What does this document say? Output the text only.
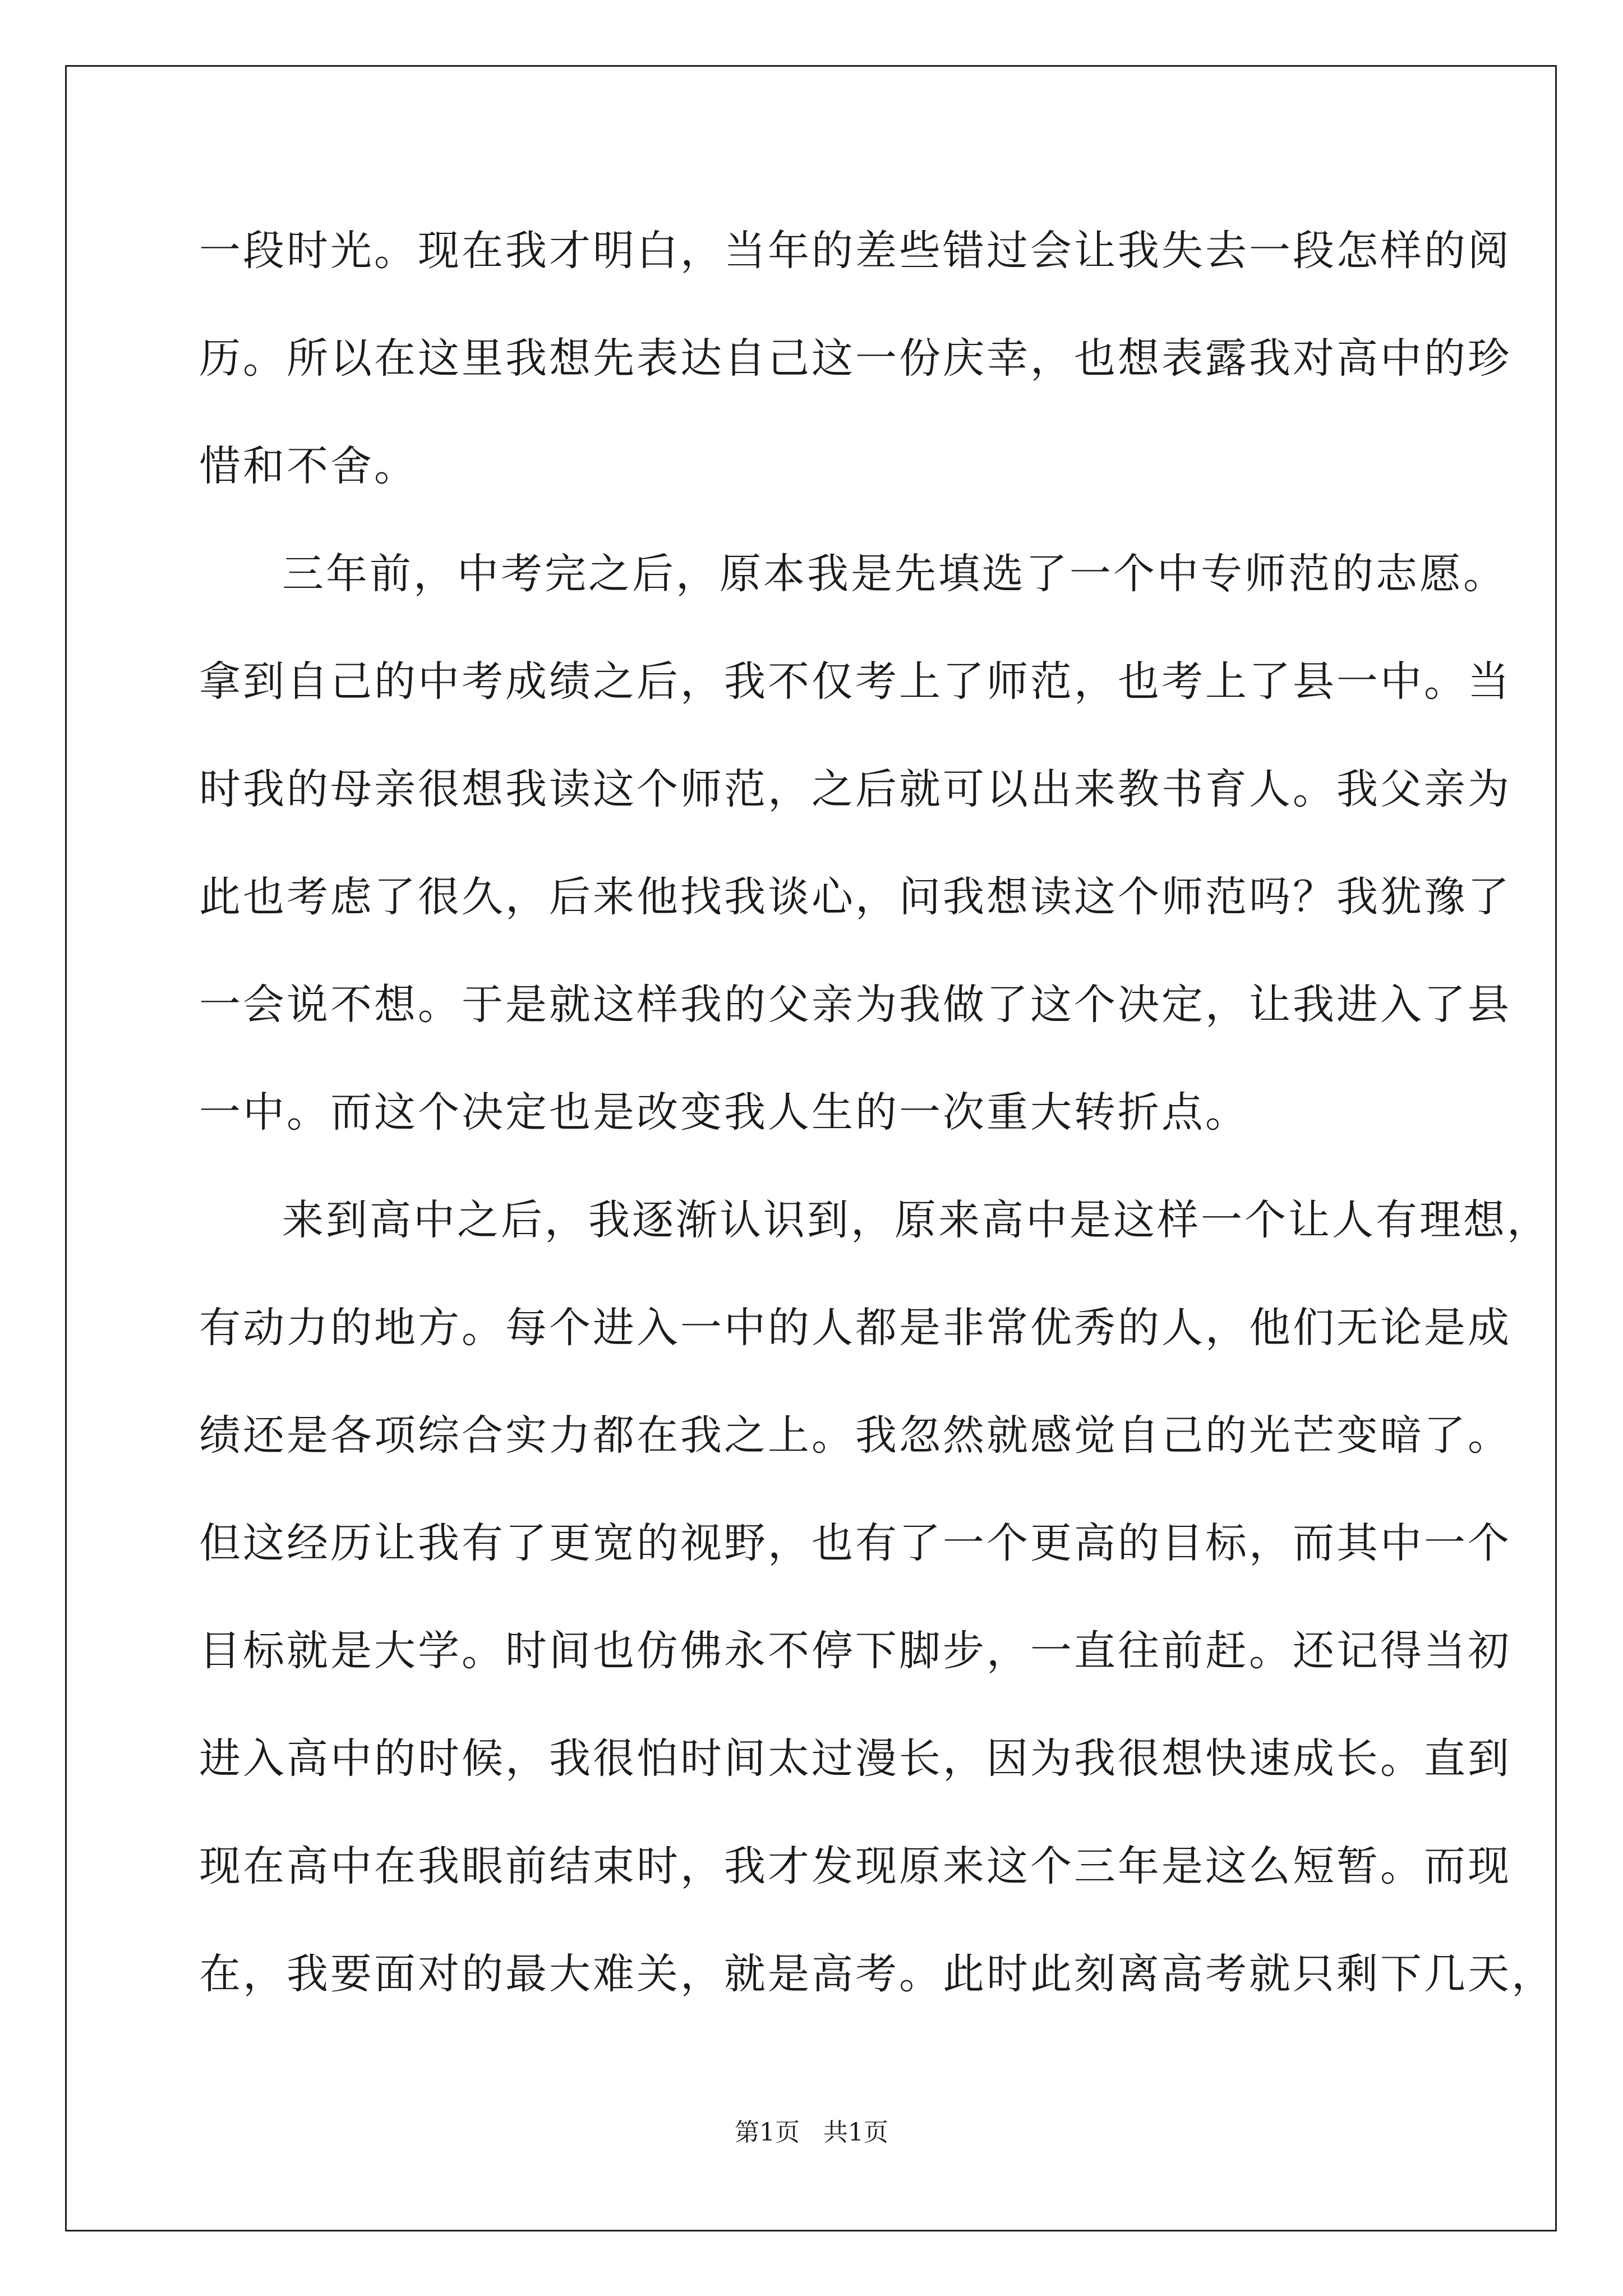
一段时光。现在我才明白，当年的差些错过会让我失去一段怎样的阅
历。所以在这里我想先表达自己这一份庆幸，也想表露我对高中的珍
惜和不舍。
三年前，中考完之后，原本我是先填选了一个中专师范的志愿。
拿到自己的中考成绩之后，我不仅考上了师范，也考上了县一中。当
时我的母亲很想我读这个师范，之后就可以出来教书育人。我父亲为
此也考虑了很久，后来他找我谈心，问我想读这个师范吗？我犹豫了
一会说不想。于是就这样我的父亲为我做了这个决定，让我进入了县
一中。而这个决定也是改变我人生的一次重大转折点。
来到高中之后，我逐渐认识到，原来高中是这样一个让人有理想，
有动力的地方。每个进入一中的人都是非常优秀的人，他们无论是成
绩还是各项综合实力都在我之上。我忽然就感觉自己的光芒变暗了。
但这经历让我有了更宽的视野，也有了一个更高的目标，而其中一个
目标就是大学。时间也仿佛永不停下脚步，一直往前赶。还记得当初
进入高中的时候，我很怕时间太过漫长，因为我很想快速成长。直到
现在高中在我眼前结束时，我才发现原来这个三年是这么短暂。而现
在，我要面对的最大难关，就是高考。此时此刻离高考就只剩下几天，
第1页   共1页
